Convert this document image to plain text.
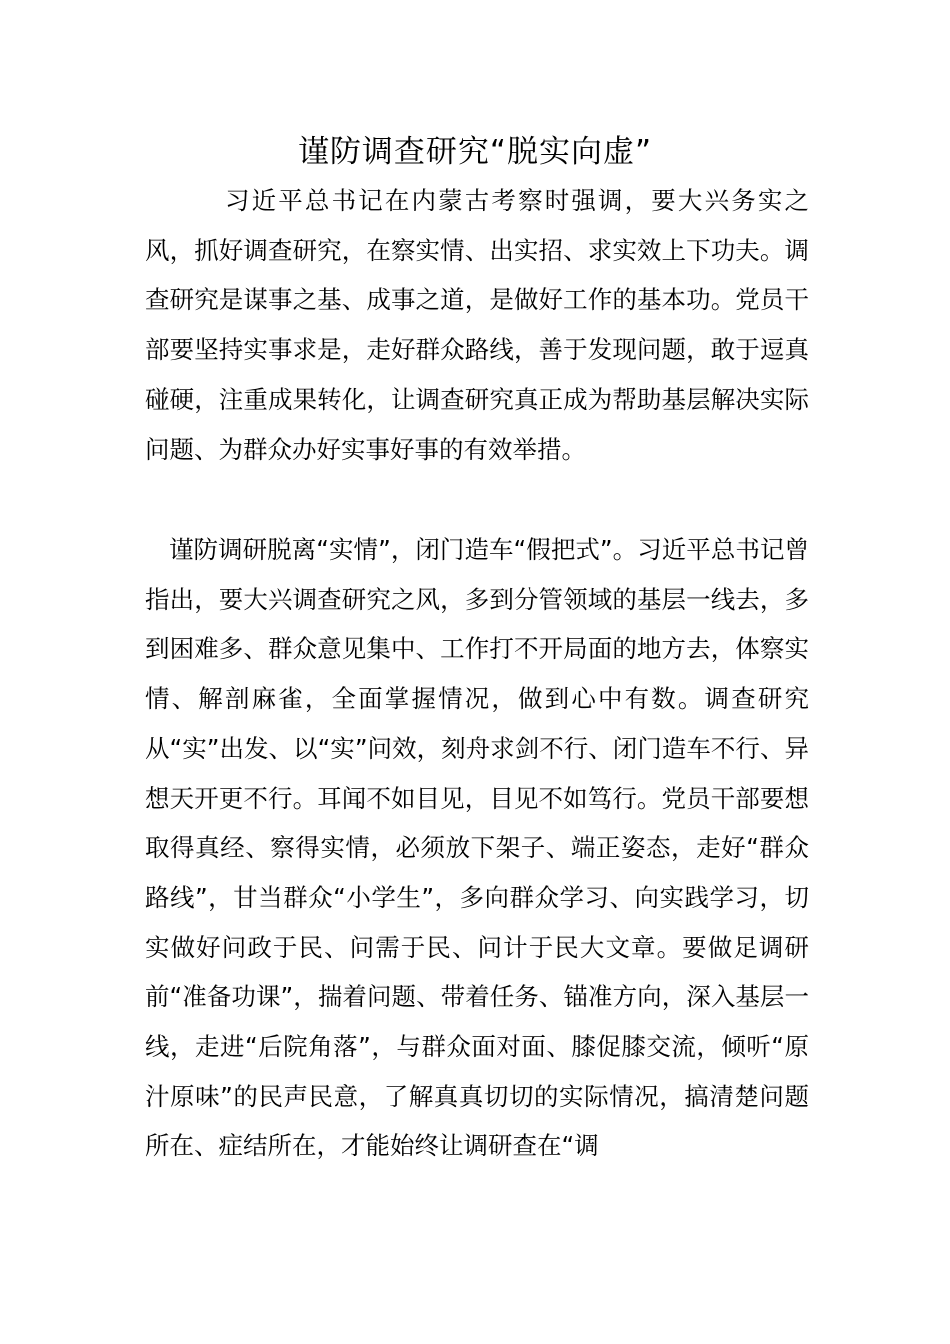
谨防调查研究“脱实向虚”

习近平总书记在内蒙古考察时强调，要大兴务实之风，抓好调查研究，在察实情、出实招、求实效上下功夫。调查研究是谋事之基、成事之道，是做好工作的基本功。党员干部要坚持实事求是，走好群众路线，善于发现问题，敢于逗真碰硬，注重成果转化，让调查研究真正成为帮助基层解决实际问题、为群众办好实事好事的有效举措。

谨防调研脱离“实情”，闭门造车“假把式”。习近平总书记曾指出，要大兴调查研究之风，多到分管领域的基层一线去，多到困难多、群众意见集中、工作打不开局面的地方去，体察实情、解剖麻雀，全面掌握情况，做到心中有数。调查研究从“实”出发、以“实”问效，刻舟求剑不行、闭门造车不行、异想天开更不行。耳闻不如目见，目见不如笃行。党员干部要想取得真经、察得实情，必须放下架子、端正姿态，走好“群众路线”，甘当群众“小学生”，多向群众学习、向实践学习，切实做好问政于民、问需于民、问计于民大文章。要做足调研前“准备功课”，揣着问题、带着任务、锚准方向，深入基层一线，走进“后院角落”，与群众面对面、膝促膝交流，倾听“原汁原味”的民声民意，了解真真切切的实际情况，搞清楚问题所在、症结所在，才能始终让调研查在“调
